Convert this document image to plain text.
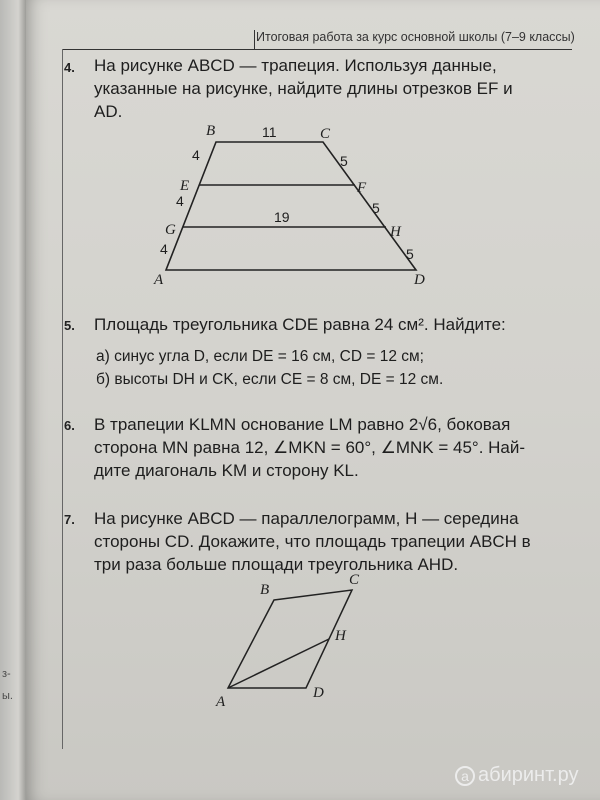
з-
ы.
Итоговая работа за курс основной школы (7–9 классы)
4. На рисунке ABCD — трапеция. Используя данные,
указанные на рисунке, найдите длины отрезков EF и
AD.
B	C
E	F
G	H
A	D
11
19
4
4
4
5
5
5
5. Площадь треугольника CDE равна 24 см². Найдите:
а) синус угла D, если DE = 16 см, CD = 12 см;
б) высоты DH и CK, если CE = 8 см, DE = 12 см.
6. В трапеции KLMN основание LM равно 2√6, боковая
сторона MN равна 12, ∠MKN = 60°, ∠MNK = 45°. Най-
дите диагональ KM и сторону KL.
7. На рисунке ABCD — параллелограмм, H — середина
стороны CD. Докажите, что площадь трапеции ABCH в
три раза больше площади треугольника AHD.
B
C
H
A
D
a абиринт.ру
